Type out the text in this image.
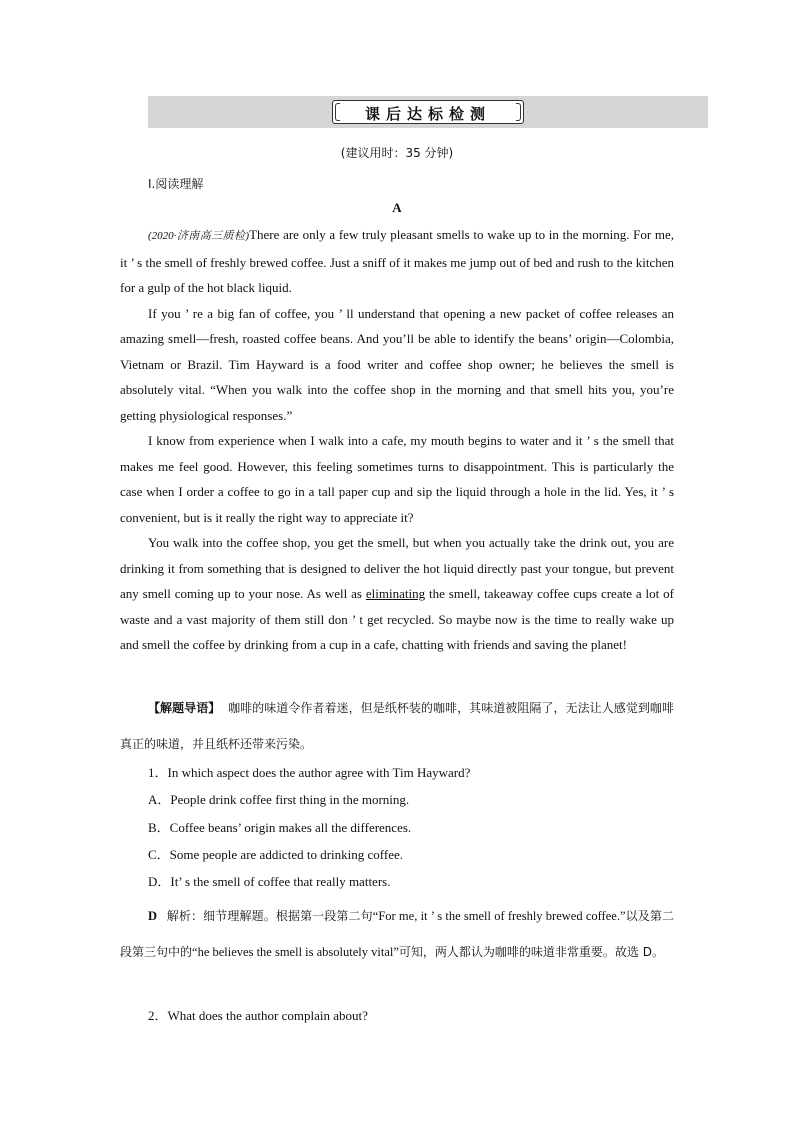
课后达标检测
(建议用时：35 分钟)
Ⅰ.阅读理解
A

(2020·济南高三质检)There are only a few truly pleasant smells to wake up to in the morning. For me, it ’ s the smell of freshly brewed coffee. Just a sniff of it makes me jump out of bed and rush to the kitchen for a gulp of the hot black liquid.

If you ’ re a big fan of coffee, you ’ ll understand that opening a new packet of coffee releases an amazing smell—fresh, roasted coffee beans. And you’ll be able to identify the beans’ origin—Colombia, Vietnam or Brazil. Tim Hayward is a food writer and coffee shop owner; he believes the smell is absolutely vital. “When you walk into the coffee shop in the morning and that smell hits you, you’re getting physiological responses.”

I know from experience when I walk into a cafe, my mouth begins to water and it ’ s the smell that makes me feel good. However, this feeling sometimes turns to disappointment. This is particularly the case when I order a coffee to go in a tall paper cup and sip the liquid through a hole in the lid. Yes, it ’ s convenient, but is it really the right way to appreciate it?

You walk into the coffee shop, you get the smell, but when you actually take the drink out, you are drinking it from something that is designed to deliver the hot liquid directly past your tongue, but prevent any smell coming up to your nose. As well as eliminating the smell, takeaway coffee cups create a lot of waste and a vast majority of them still don ’ t get recycled. So maybe now is the time to really wake up and smell the coffee by drinking from a cup in a cafe, chatting with friends and saving the planet!

【解题导语】 咖啡的味道令作者着迷，但是纸杯装的咖啡，其味道被阻隔了，无法让人感觉到咖啡真正的味道，并且纸杯还带来污染。
1．In which aspect does the author agree with Tim Hayward?
A．People drink coffee first thing in the morning.
B．Coffee beans’ origin makes all the differences.
C．Some people are addicted to drinking coffee.
D．It’ s the smell of coffee that really matters.
D 解析：细节理解题。根据第一段第二句“For me, it ’ s the smell of freshly brewed coffee.”以及第二段第三句中的“he believes the smell is absolutely vital”可知，两人都认为咖啡的味道非常重要。故选 D。
2．What does the author complain about?
